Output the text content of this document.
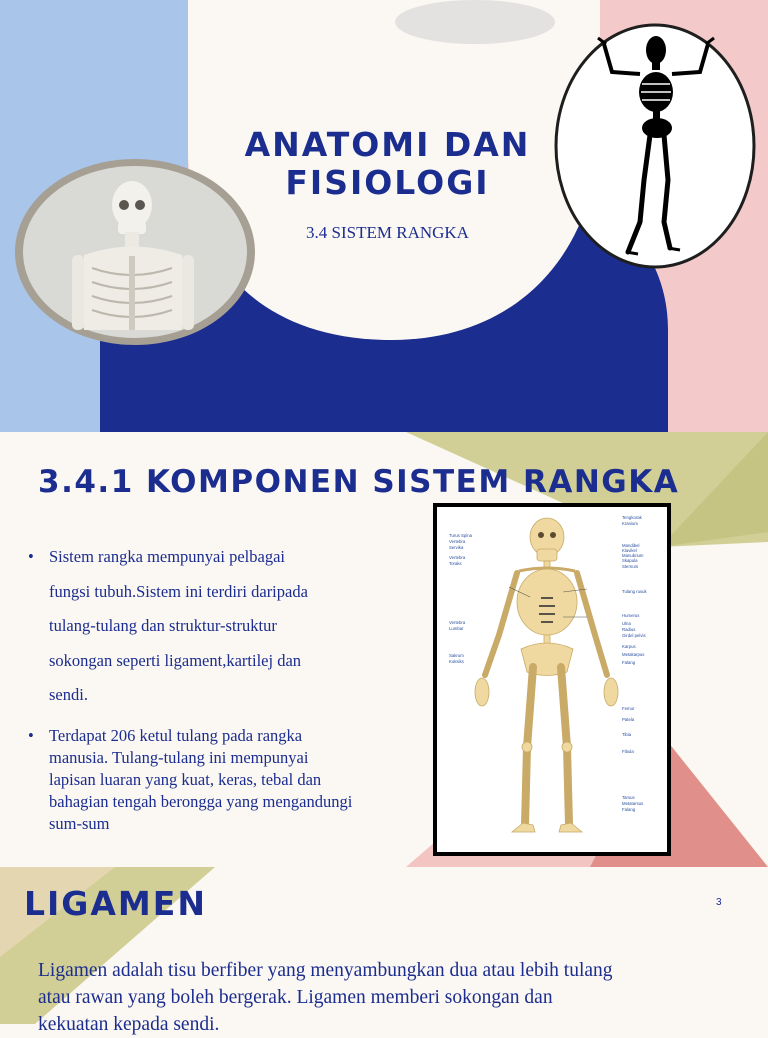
ANATOMI DAN
FISIOLOGI
3.4 SISTEM RANGKA
3.4.1 KOMPONEN SISTEM RANGKA
• Sistem rangka mempunyai pelbagai
fungsi tubuh.Sistem ini terdiri daripada
tulang-tulang dan struktur-struktur
sokongan seperti ligament,kartilej dan
sendi.
• Terdapat 206 ketul tulang pada rangka
manusia. Tulang-tulang ini mempunyai
lapisan luaran yang kuat, keras, tebal dan
bahagian tengah berongga yang mengandungi
sum-sum
Turus Spina
Vertebra
Servika
Vertebra
Toraks
Vertebra
Lumbar
Sakrum
Koksiks
Tengkorak
Kranium
Mandibel
Klavikel
Manubrium
Skapula
Sternum
Tulang rusuk
Humerus
Ulna
Radius
Girdel pelvis
Karpus
Metakarpus
Falang
Femur
Patela
Tibia
Fibula
Tarsus
Metatarsus
Falang
LIGAMEN	3
Ligamen adalah tisu berfiber yang menyambungkan dua atau lebih tulang
atau rawan yang boleh bergerak. Ligamen memberi sokongan dan
kekuatan kepada sendi.
